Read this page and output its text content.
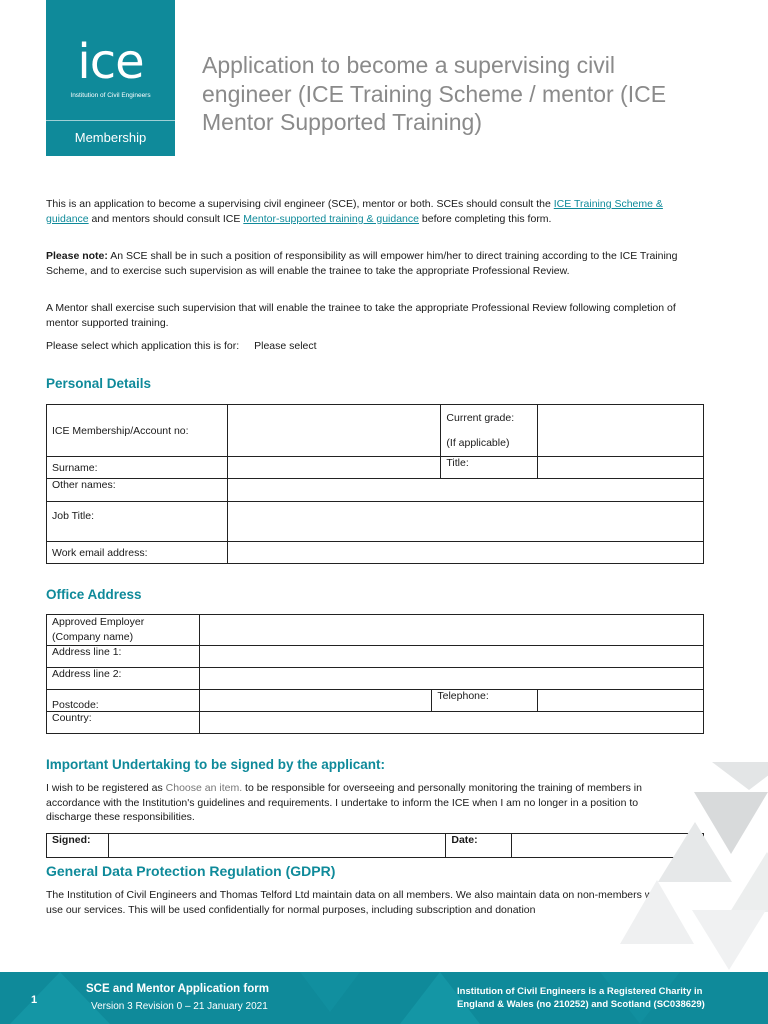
ice
Institution of Civil Engineers
Membership
Application to become a supervising civil engineer (ICE Training Scheme / mentor (ICE Mentor Supported Training)
This is an application to become a supervising civil engineer (SCE), mentor or both. SCEs should consult the ICE Training Scheme & guidance and mentors should consult ICE Mentor-supported training & guidance before completing this form.
Please note: An SCE shall be in such a position of responsibility as will empower him/her to direct training according to the ICE Training Scheme, and to exercise such supervision as will enable the trainee to take the appropriate Professional Review.
A Mentor shall exercise such supervision that will enable the trainee to take the appropriate Professional Review following completion of mentor supported training.
Please select which application this is for: Please select
Personal Details
ICE Membership/Account no:		Current grade:
(If applicable)	

Surname:		Title:	
Other names:			
Job Title:			
Work email address:			
Office Address
Approved Employer (Company name)			
Address line 1:			
Address line 2:			
Postcode:		Telephone:	
Country:			
Important Undertaking to be signed by the applicant:
I wish to be registered as Choose an item. to be responsible for overseeing and personally monitoring the training of members in accordance with the Institution's guidelines and requirements. I undertake to inform the ICE when I am no longer in a position to discharge these responsibilities.
Signed:		Date:	
General Data Protection Regulation (GDPR)
The Institution of Civil Engineers and Thomas Telford Ltd maintain data on all members. We also maintain data on non-members who use our services. This will be used confidentially for normal purposes, including subscription and donation
1
SCE and Mentor Application form
Version 3 Revision 0 – 21 January 2021
Institution of Civil Engineers is a Registered Charity in
England & Wales (no 210252) and Scotland (SC038629)
